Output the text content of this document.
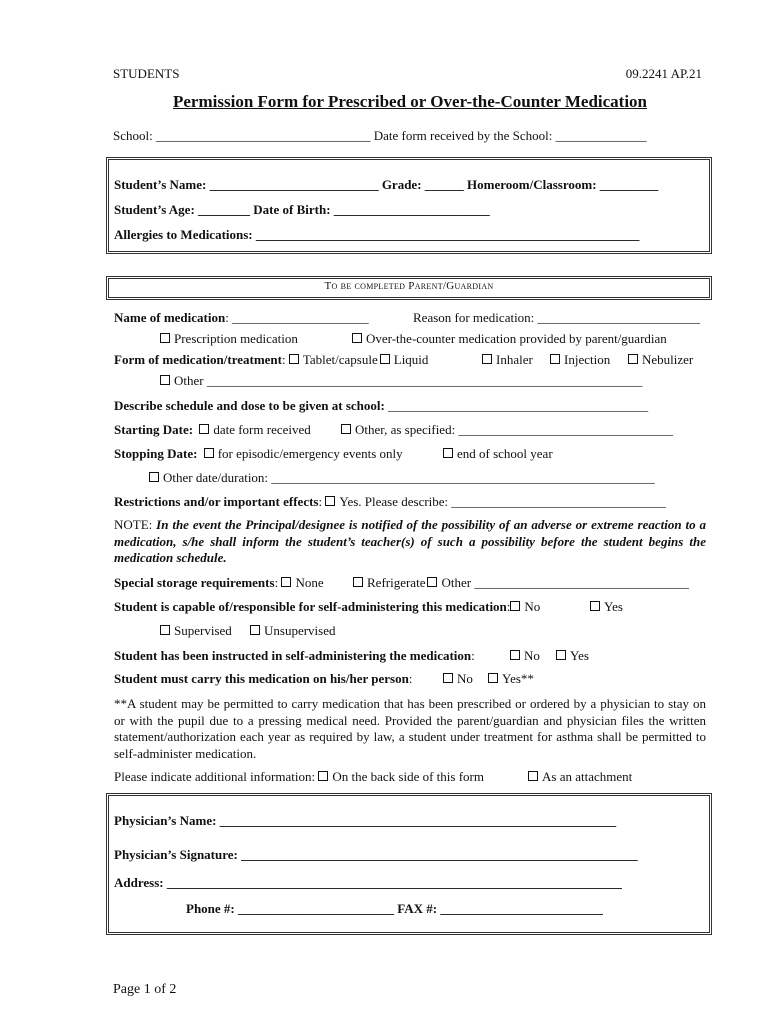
STUDENTS	09.2241 AP.21
Permission Form for Prescribed or Over-the-Counter Medication
School: _________________________________ Date form received by the School: ______________
Student’s Name: __________________________ Grade: ______ Homeroom/Classroom: _________
Student’s Age: ________ Date of Birth: ________________________
Allergies to Medications: ___________________________________________________________
To be completed Parent/Guardian
Name of medication: _____________________	Reason for medication: _________________________
Prescription medication	Over-the-counter medication provided by parent/guardian
Form of medication/treatment: Tablet/capsule Liquid	Inhaler	Injection	Nebulizer
Other ___________________________________________________________________
Describe schedule and dose to be given at school: ________________________________________
Starting Date: date form received	Other, as specified: _________________________________
Stopping Date: for episodic/emergency events only	end of school year
Other date/duration: ___________________________________________________________
Restrictions and/or important effects: Yes. Please describe: _________________________________
NOTE: In the event the Principal/designee is notified of the possibility of an adverse or extreme reaction to a medication, s/he shall inform the student’s teacher(s) of such a possibility before the student begins the medication schedule.
Special storage requirements: None	Refrigerate Other _________________________________
Student is capable of/responsible for self-administering this medication: No	Yes
Supervised	Unsupervised
Student has been instructed in self-administering the medication:	No	Yes
Student must carry this medication on his/her person:	No	Yes**
**A student may be permitted to carry medication that has been prescribed or ordered by a physician to stay on or with the pupil due to a pressing medical need. Provided the parent/guardian and physician files the written statement/authorization each year as required by law, a student under treatment for asthma shall be permitted to self-administer medication.
Please indicate additional information: On the back side of this form	As an attachment
Physician’s Name: _____________________________________________________________
Physician’s Signature: _____________________________________________________________
Address: ______________________________________________________________________
Phone #: ________________________ FAX #: _________________________
Page 1 of 2
